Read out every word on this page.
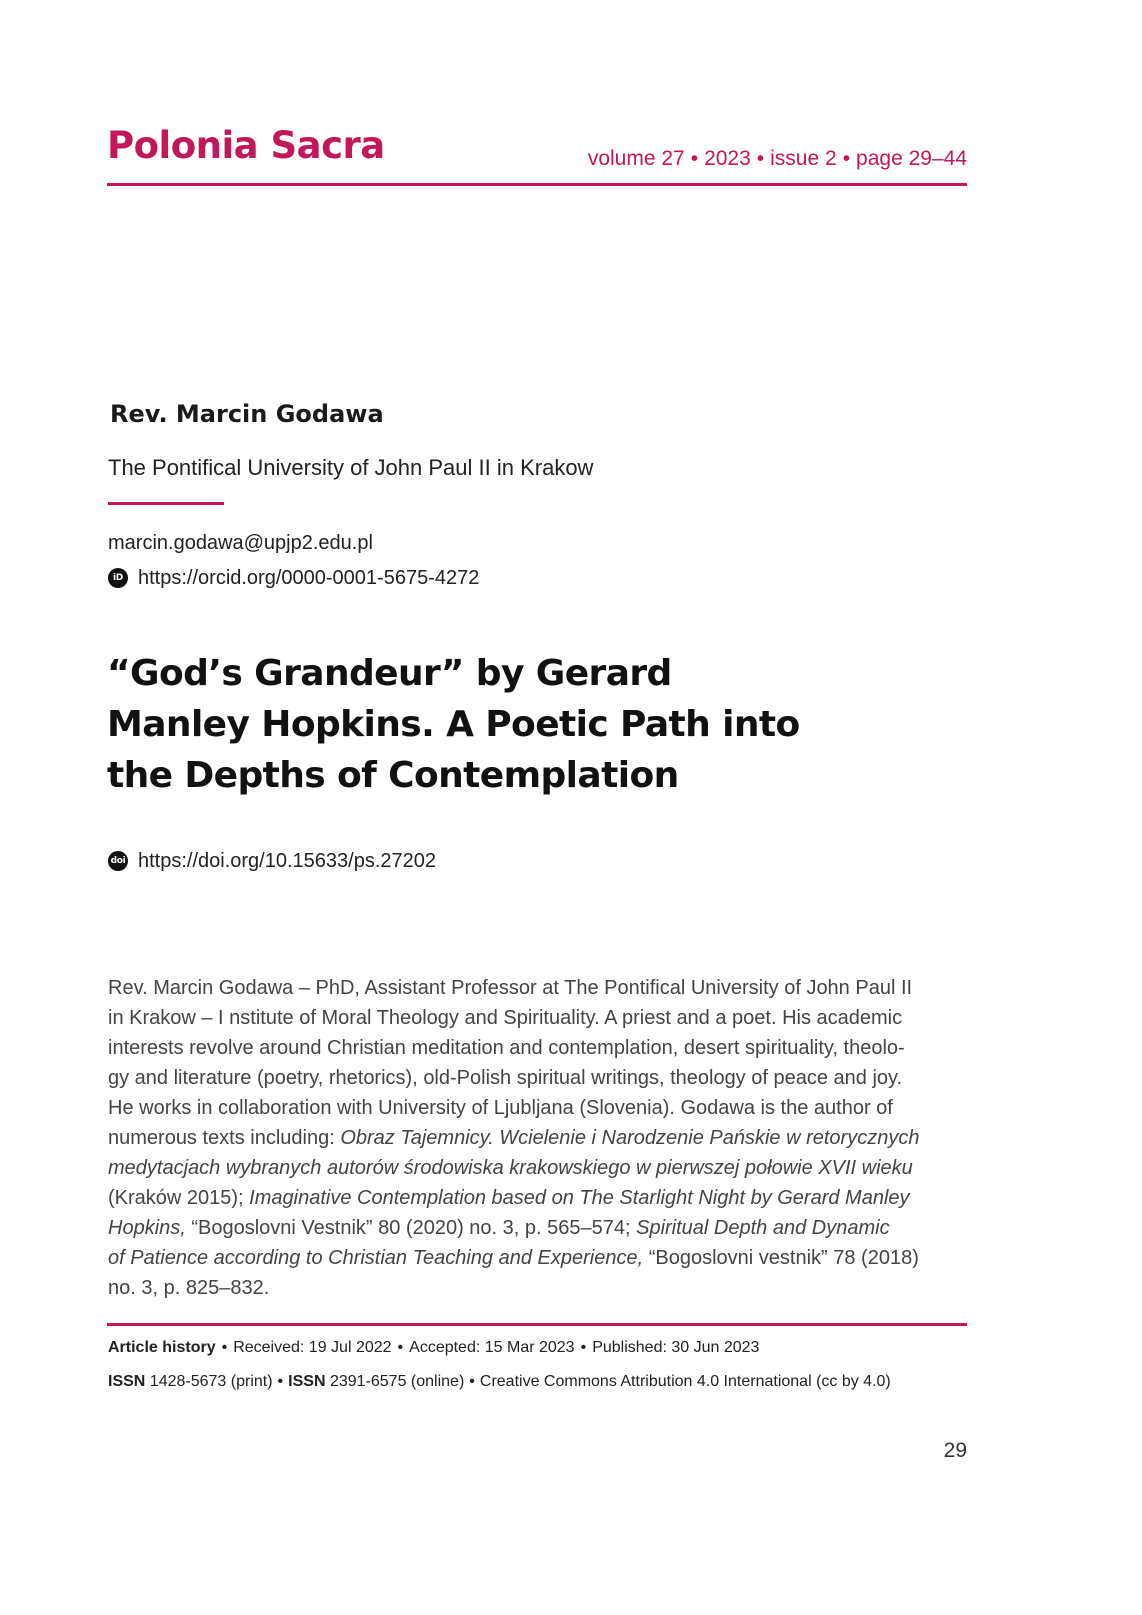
Polonia Sacra	volume 27 • 2023 • issue 2 • page 29–44
Rev. Marcin Godawa
The Pontifical University of John Paul II in Krakow
marcin.godawa@upjp2.edu.pl
iD https://orcid.org/0000-0001-5675-4272
“God’s Grandeur” by Gerard
Manley Hopkins. A Poetic Path into
the Depths of Contemplation
doi https://doi.org/10.15633/ps.27202
Rev. Marcin Godawa – PhD, Assistant Professor at The Pontifical University of John Paul II
in Krakow – I nstitute of Moral Theology and Spirituality. A priest and a poet. His academic
interests revolve around Christian meditation and contemplation, desert spirituality, theolo-
gy and literature (poetry, rhetorics), old-Polish spiritual writings, theology of peace and joy.
He works in collaboration with University of Ljubljana (Slovenia). Godawa is the author of
numerous texts including: Obraz Tajemnicy. Wcielenie i Narodzenie Pańskie w retorycznych
medytacjach wybranych autorów środowiska krakowskiego w pierwszej połowie XVII wieku
(Kraków 2015); Imaginative Contemplation based on The Starlight Night by Gerard Manley
Hopkins, “Bogoslovni Vestnik” 80 (2020) no. 3, p. 565–574; Spiritual Depth and Dynamic
of Patience according to Christian Teaching and Experience, “Bogoslovni vestnik” 78 (2018)
no. 3, p. 825–832.
Article history • Received: 19 Jul 2022 • Accepted: 15 Mar 2023 • Published: 30 Jun 2023
ISSN 1428-5673 (print) • ISSN 2391-6575 (online) • Creative Commons Attribution 4.0 International (cc by 4.0)
29
